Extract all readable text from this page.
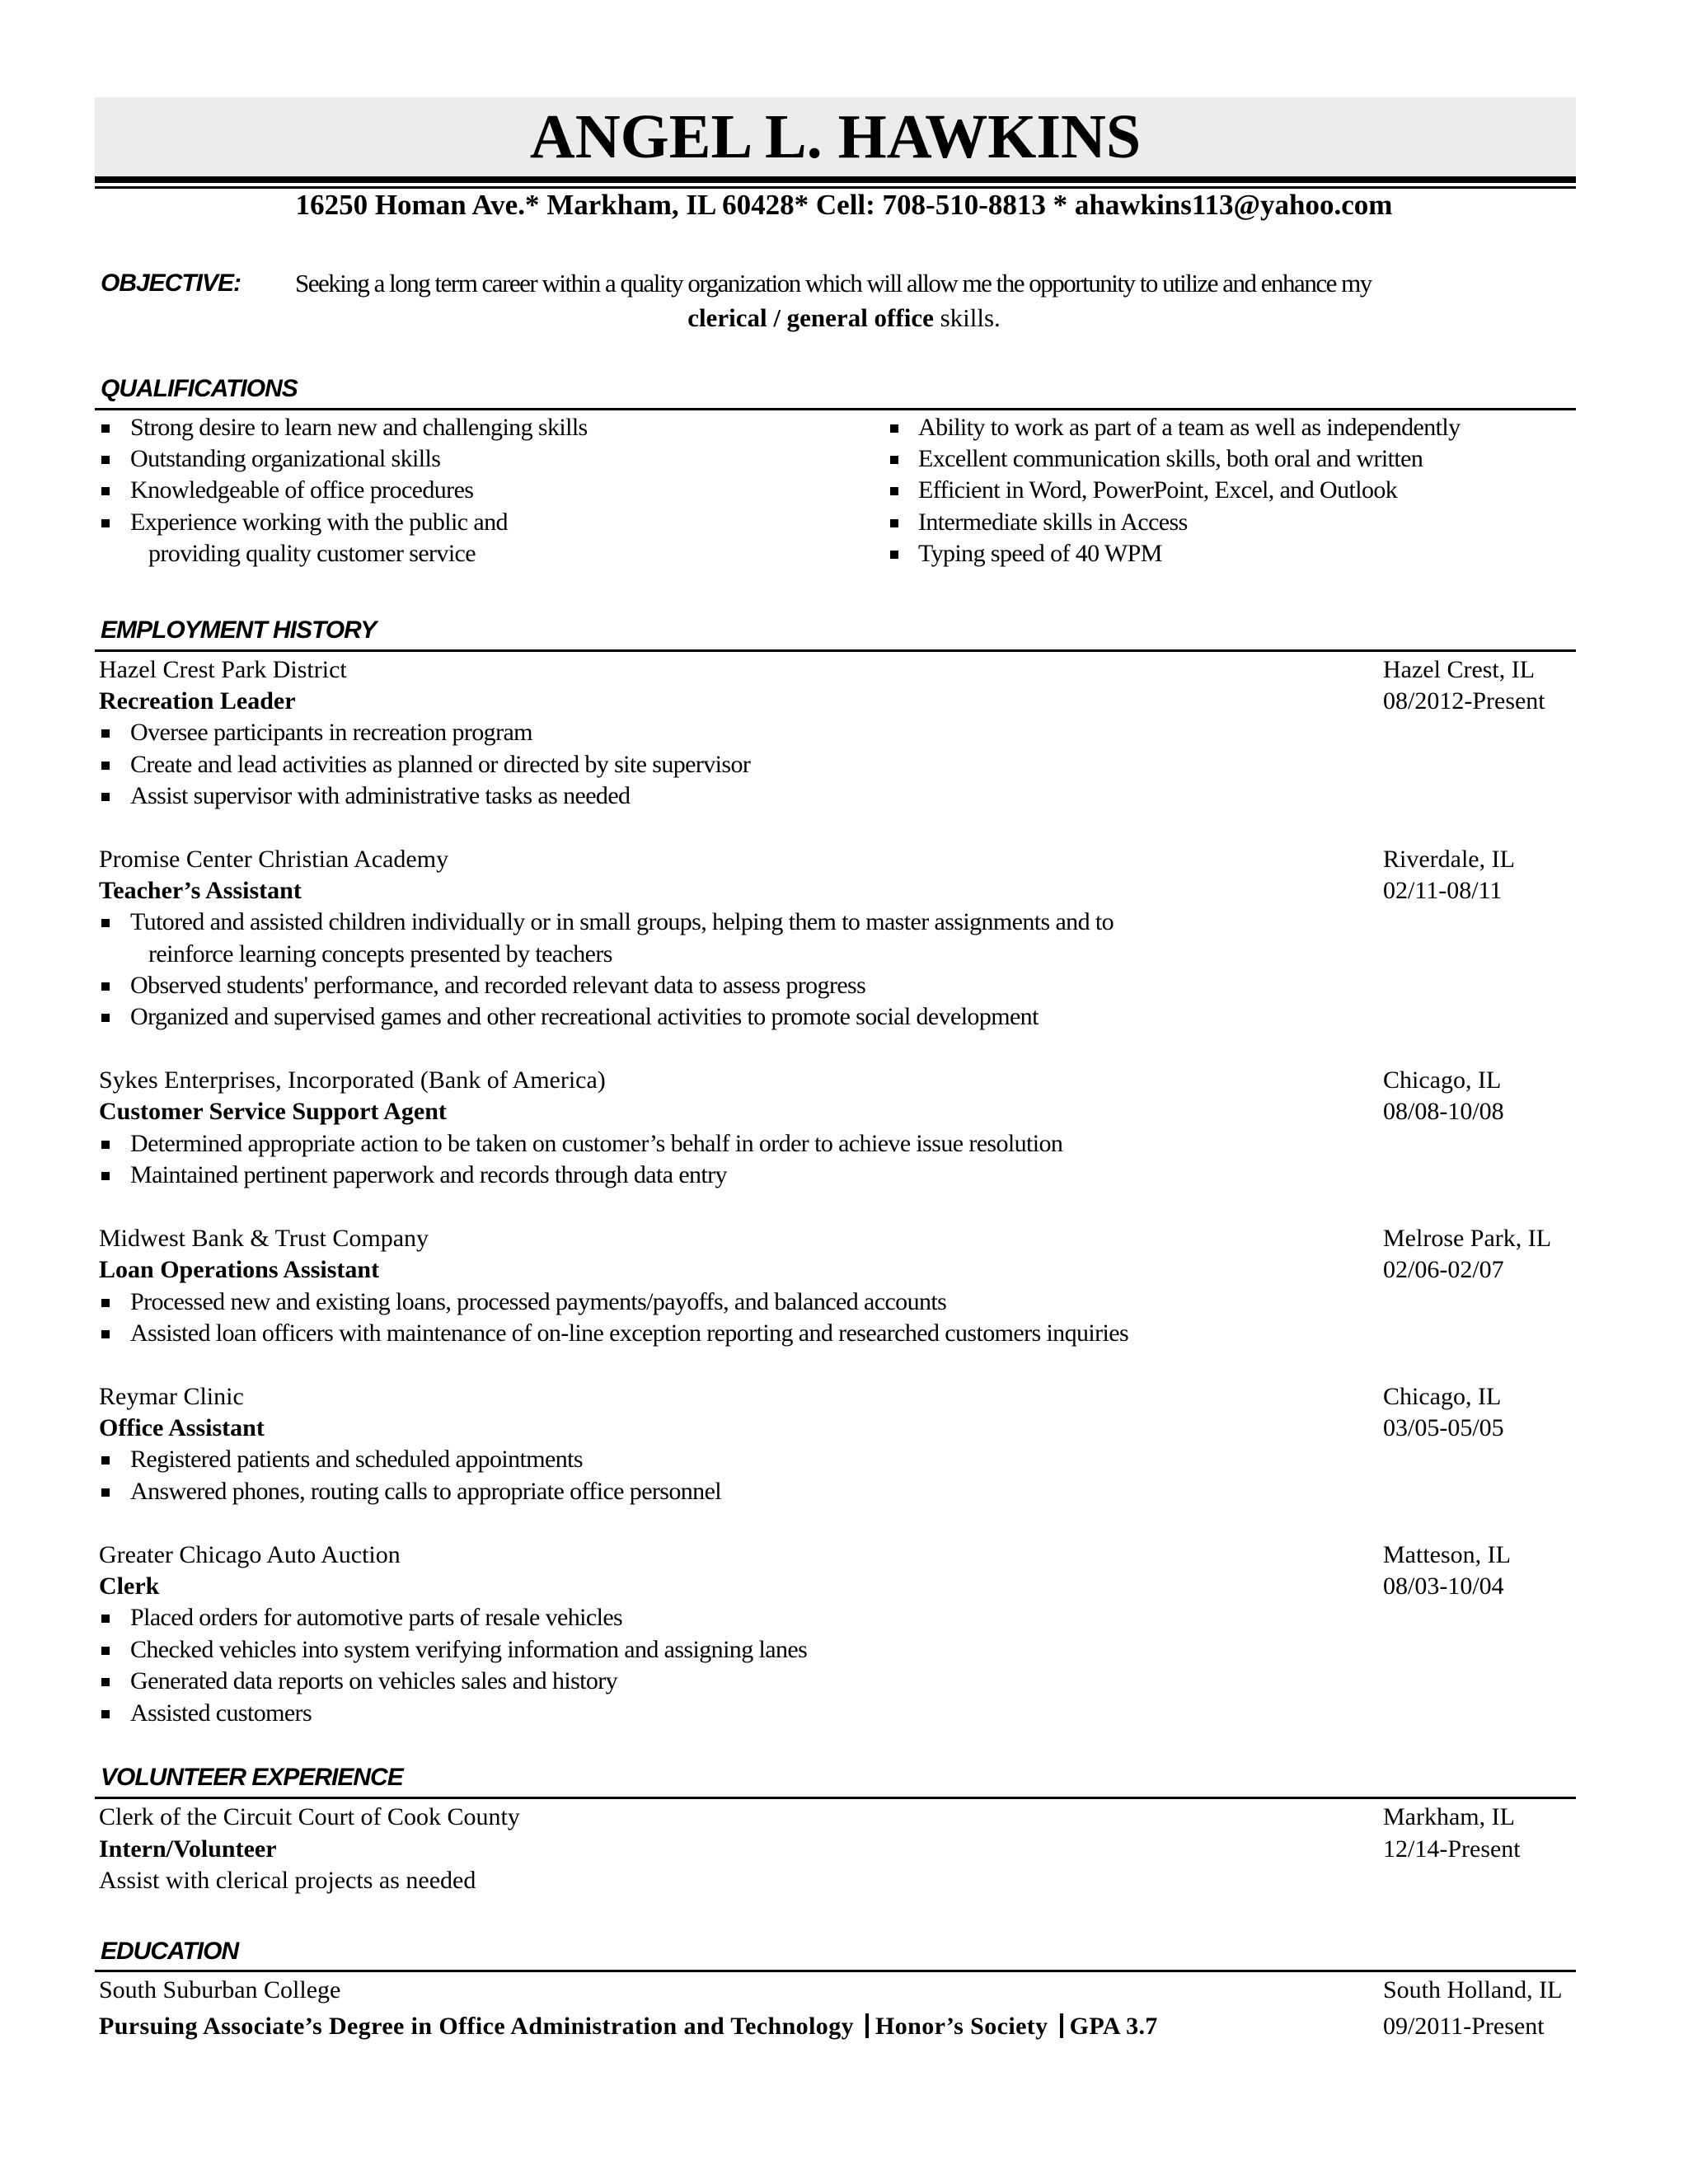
ANGEL L. HAWKINS
16250 Homan Ave.* Markham, IL 60428* Cell: 708-510-8813 * ahawkins113@yahoo.com
OBJECTIVE: Seeking a long term career within a quality organization which will allow me the opportunity to utilize and enhance my
clerical / general office skills.
QUALIFICATIONS
Strong desire to learn new and challenging skills
Outstanding organizational skills
Knowledgeable of office procedures
Experience working with the public and
providing quality customer service
Ability to work as part of a team as well as independently
Excellent communication skills, both oral and written
Efficient in Word, PowerPoint, Excel, and Outlook
Intermediate skills in Access
Typing speed of 40 WPM
EMPLOYMENT HISTORY
Hazel Crest Park District	Hazel Crest, IL
Recreation Leader	08/2012-Present
Oversee participants in recreation program
Create and lead activities as planned or directed by site supervisor
Assist supervisor with administrative tasks as needed
Promise Center Christian Academy	Riverdale, IL
Teacher’s Assistant	02/11-08/11
Tutored and assisted children individually or in small groups, helping them to master assignments and to
reinforce learning concepts presented by teachers
Observed students' performance, and recorded relevant data to assess progress
Organized and supervised games and other recreational activities to promote social development
Sykes Enterprises, Incorporated (Bank of America)	Chicago, IL
Customer Service Support Agent	08/08-10/08
Determined appropriate action to be taken on customer’s behalf in order to achieve issue resolution
Maintained pertinent paperwork and records through data entry
Midwest Bank & Trust Company	Melrose Park, IL
Loan Operations Assistant	02/06-02/07
Processed new and existing loans, processed payments/payoffs, and balanced accounts
Assisted loan officers with maintenance of on-line exception reporting and researched customers inquiries
Reymar Clinic	Chicago, IL
Office Assistant	03/05-05/05
Registered patients and scheduled appointments
Answered phones, routing calls to appropriate office personnel
Greater Chicago Auto Auction	Matteson, IL
Clerk	08/03-10/04
Placed orders for automotive parts of resale vehicles
Checked vehicles into system verifying information and assigning lanes
Generated data reports on vehicles sales and history
Assisted customers
VOLUNTEER EXPERIENCE
Clerk of the Circuit Court of Cook County	Markham, IL
Intern/Volunteer	12/14-Present
Assist with clerical projects as needed
EDUCATION
South Suburban College	South Holland, IL
Pursuing Associate’s Degree in Office Administration and Technology Honor’s Society GPA 3.7	09/2011-Present
